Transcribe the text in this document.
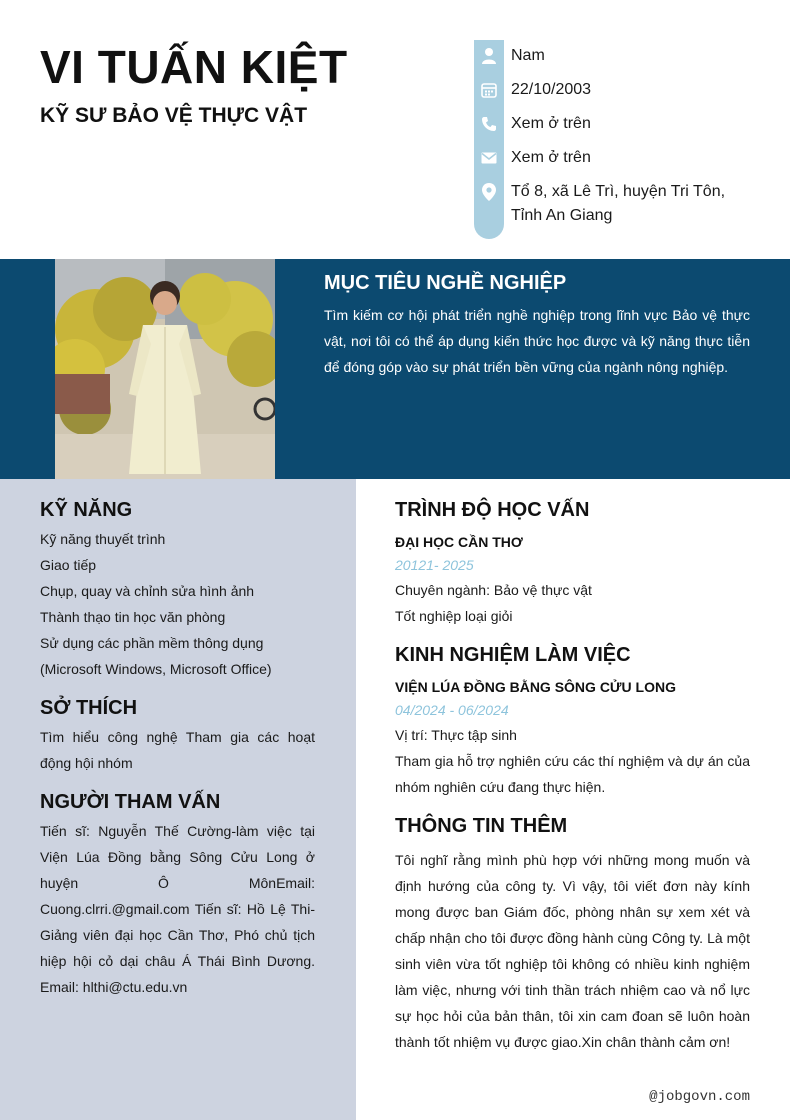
VI TUẤN KIỆT
KỸ SƯ BẢO VỆ THỰC VẬT
Nam
22/10/2003
Xem ở trên
Xem ở trên
Tổ 8, xã Lê Trì, huyện Tri Tôn, Tỉnh An Giang
MỤC TIÊU NGHỀ NGHIỆP
Tìm kiếm cơ hội phát triển nghề nghiệp trong lĩnh vực Bảo vệ thực vật, nơi tôi có thể áp dụng kiến thức học được và kỹ năng thực tiễn để đóng góp vào sự phát triển bền vững của ngành nông nghiệp.
KỸ NĂNG
Kỹ năng thuyết trình
Giao tiếp
Chụp, quay và chỉnh sửa hình ảnh
Thành thạo tin học văn phòng
Sử dụng các phần mềm thông dụng
(Microsoft Windows, Microsoft Office)
SỞ THÍCH
Tìm hiểu công nghệ Tham gia các hoạt động hội nhóm
NGƯỜI THAM VẤN
Tiến sĩ: Nguyễn Thế Cường-làm việc tại Viện Lúa Đồng bằng Sông Cửu Long ở huyện Ô MônEmail: Cuong.clrri.@gmail.com Tiến sĩ: Hồ Lệ Thi-Giảng viên đại học Cần Thơ, Phó chủ tịch hiệp hội cỏ dại châu Á Thái Bình Dương. Email: hlthi@ctu.edu.vn
TRÌNH ĐỘ HỌC VẤN
ĐẠI HỌC CẦN THƠ
20121- 2025
Chuyên ngành: Bảo vệ thực vật
Tốt nghiệp loại giỏi
KINH NGHIỆM LÀM VIỆC
VIỆN LÚA ĐỒNG BẰNG SÔNG CỬU LONG
04/2024 - 06/2024
Vị trí: Thực tập sinh
Tham gia hỗ trợ nghiên cứu các thí nghiệm và dự án của nhóm nghiên cứu đang thực hiện.
THÔNG TIN THÊM
Tôi nghĩ rằng mình phù hợp với những mong muốn và định hướng của công ty. Vì vậy, tôi viết đơn này kính mong được ban Giám đốc, phòng nhân sự xem xét và chấp nhận cho tôi được đồng hành cùng Công ty. Là một sinh viên vừa tốt nghiệp tôi không có nhiều kinh nghiệm làm việc, nhưng với tinh thần trách nhiệm cao và nổ lực sự học hỏi của bản thân, tôi xin cam đoan sẽ luôn hoàn thành tốt nhiệm vụ được giao.Xin chân thành cảm ơn!
@jobgovn.com
